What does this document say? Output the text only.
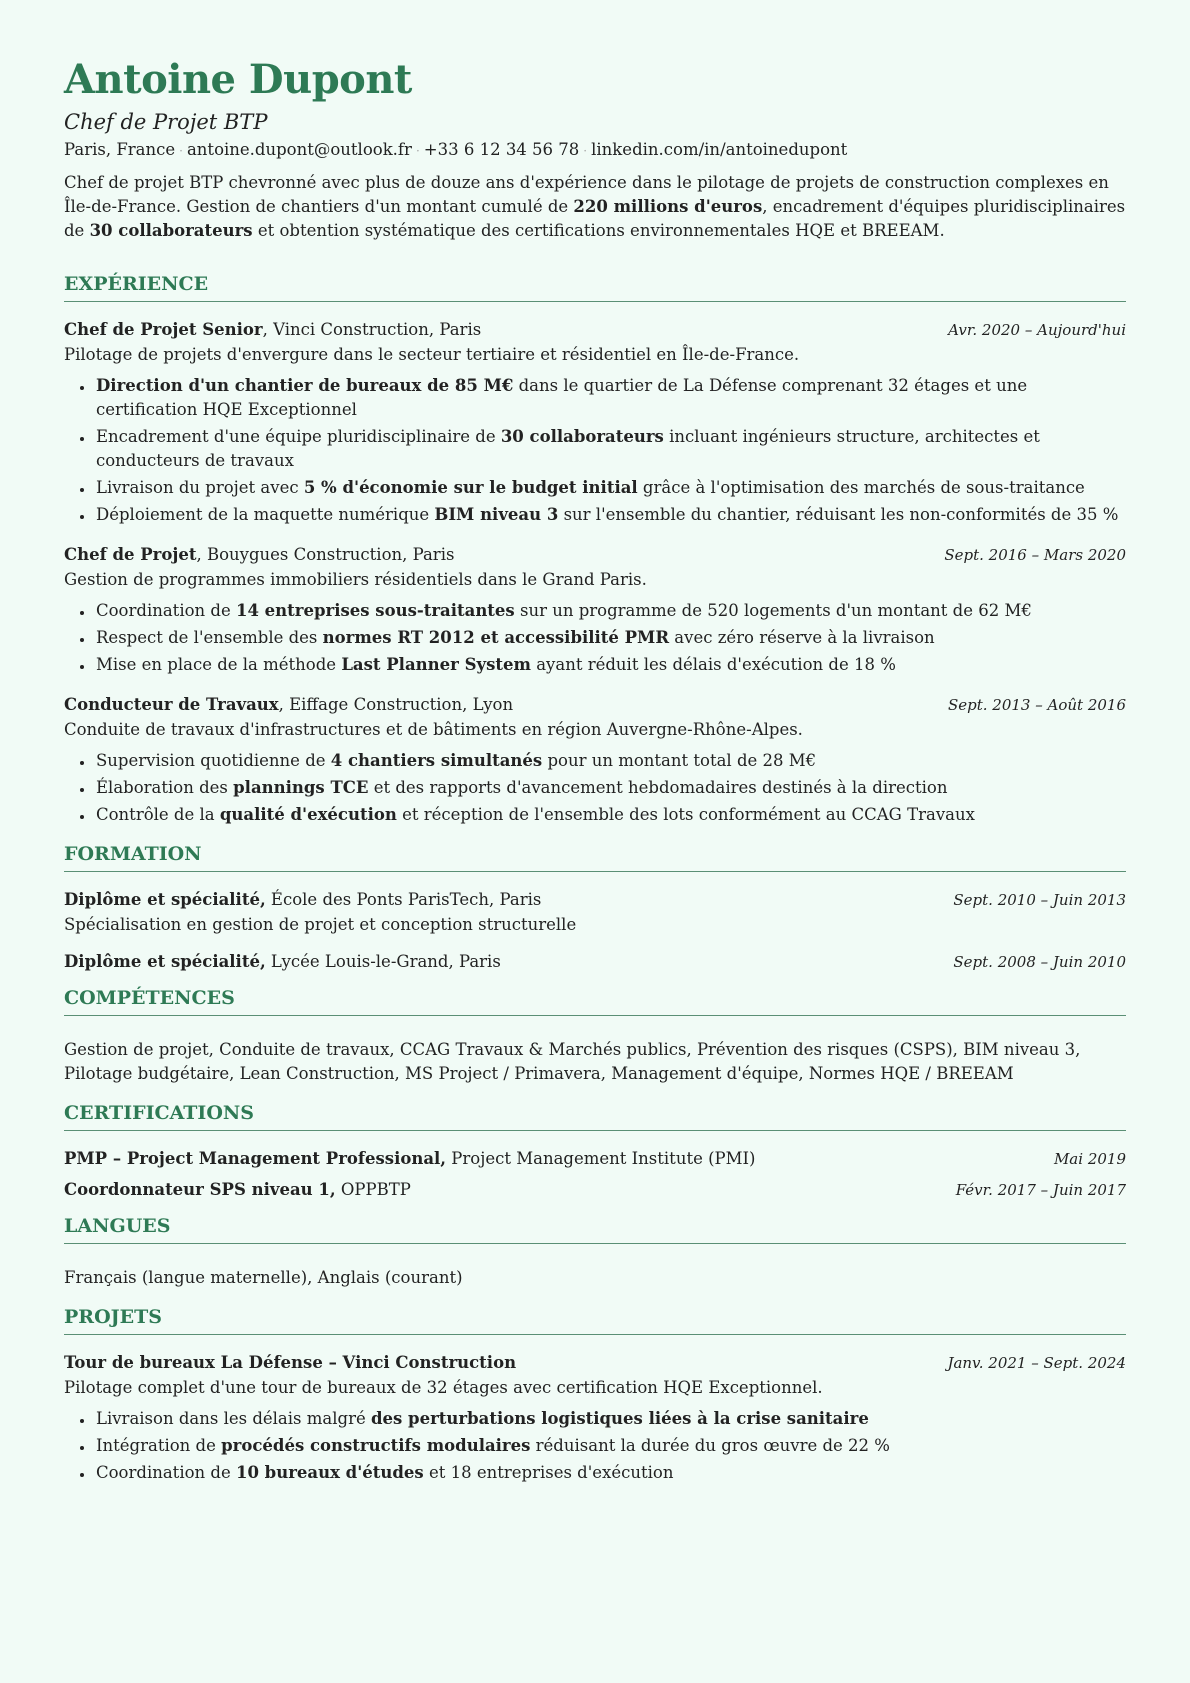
Antoine Dupont
Chef de Projet BTP
Paris, France · antoine.dupont@outlook.fr · +33 6 12 34 56 78 · linkedin.com/in/antoinedupont

Chef de projet BTP chevronné avec plus de douze ans d'expérience dans le pilotage de projets de construction complexes en Île-de-France. Gestion de chantiers d'un montant cumulé de 220 millions d'euros, encadrement d'équipes pluridisciplinaires de 30 collaborateurs et obtention systématique des certifications environnementales HQE et BREEAM.

EXPÉRIENCE
Chef de Projet Senior, Vinci Construction, Paris	Avr. 2020 – Aujourd'hui
Pilotage de projets d'envergure dans le secteur tertiaire et résidentiel en Île-de-France.
• Direction d'un chantier de bureaux de 85 M€ dans le quartier de La Défense comprenant 32 étages et une certification HQE Exceptionnel
• Encadrement d'une équipe pluridisciplinaire de 30 collaborateurs incluant ingénieurs structure, architectes et conducteurs de travaux
• Livraison du projet avec 5 % d'économie sur le budget initial grâce à l'optimisation des marchés de sous-traitance
• Déploiement de la maquette numérique BIM niveau 3 sur l'ensemble du chantier, réduisant les non-conformités de 35 %
Chef de Projet, Bouygues Construction, Paris	Sept. 2016 – Mars 2020
Gestion de programmes immobiliers résidentiels dans le Grand Paris.
• Coordination de 14 entreprises sous-traitantes sur un programme de 520 logements d'un montant de 62 M€
• Respect de l'ensemble des normes RT 2012 et accessibilité PMR avec zéro réserve à la livraison
• Mise en place de la méthode Last Planner System ayant réduit les délais d'exécution de 18 %
Conducteur de Travaux, Eiffage Construction, Lyon	Sept. 2013 – Août 2016
Conduite de travaux d'infrastructures et de bâtiments en région Auvergne-Rhône-Alpes.
• Supervision quotidienne de 4 chantiers simultanés pour un montant total de 28 M€
• Élaboration des plannings TCE et des rapports d'avancement hebdomadaires destinés à la direction
• Contrôle de la qualité d'exécution et réception de l'ensemble des lots conformément au CCAG Travaux
FORMATION
Diplôme et spécialité, École des Ponts ParisTech, Paris	Sept. 2010 – Juin 2013
Spécialisation en gestion de projet et conception structurelle
Diplôme et spécialité, Lycée Louis-le-Grand, Paris	Sept. 2008 – Juin 2010
COMPÉTENCES
Gestion de projet, Conduite de travaux, CCAG Travaux & Marchés publics, Prévention des risques (CSPS), BIM niveau 3, Pilotage budgétaire, Lean Construction, MS Project / Primavera, Management d'équipe, Normes HQE / BREEAM
CERTIFICATIONS
PMP – Project Management Professional, Project Management Institute (PMI)	Mai 2019
Coordonnateur SPS niveau 1, OPPBTP	Févr. 2017 – Juin 2017
LANGUES
Français (langue maternelle), Anglais (courant)
PROJETS
Tour de bureaux La Défense – Vinci Construction	Janv. 2021 – Sept. 2024
Pilotage complet d'une tour de bureaux de 32 étages avec certification HQE Exceptionnel.
• Livraison dans les délais malgré des perturbations logistiques liées à la crise sanitaire
• Intégration de procédés constructifs modulaires réduisant la durée du gros œuvre de 22 %
• Coordination de 10 bureaux d'études et 18 entreprises d'exécution
